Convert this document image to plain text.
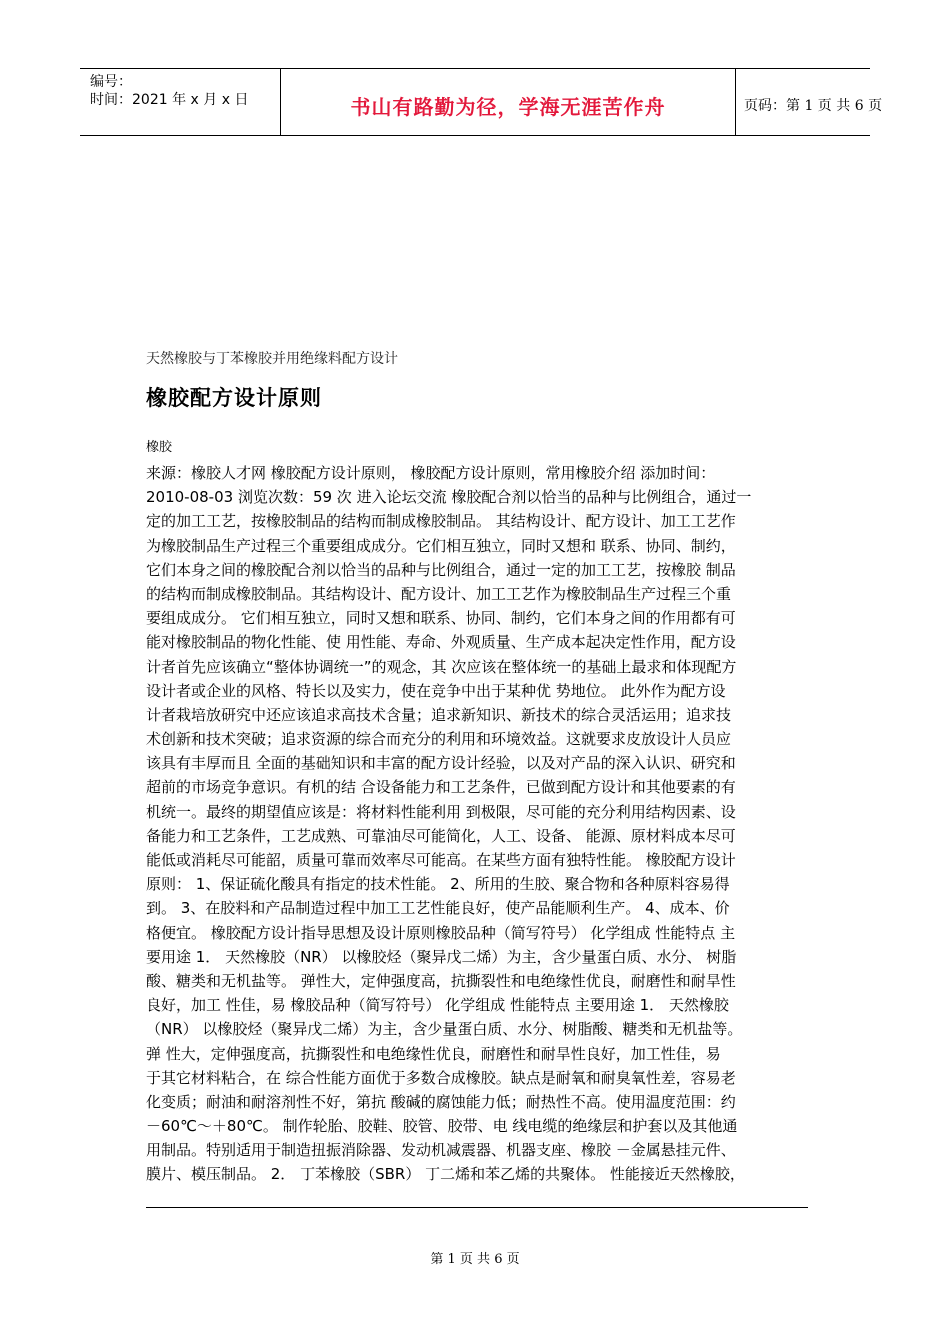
编号：
时间：2021 年 x 月 x 日	书山有路勤为径，学海无涯苦作舟	页码：第 1 页 共 6 页
天然橡胶与丁苯橡胶并用绝缘料配方设计
橡胶配方设计原则
橡胶
来源：橡胶人才网 橡胶配方设计原则， 橡胶配方设计原则，常用橡胶介绍 添加时间：
2010-08-03 浏览次数：59 次 进入论坛交流 橡胶配合剂以恰当的品种与比例组合，通过一
定的加工工艺，按橡胶制品的结构而制成橡胶制品。 其结构设计、配方设计、加工工艺作
为橡胶制品生产过程三个重要组成成分。它们相互独立，同时又想和 联系、协同、制约，
它们本身之间的橡胶配合剂以恰当的品种与比例组合，通过一定的加工工艺，按橡胶 制品
的结构而制成橡胶制品。其结构设计、配方设计、加工工艺作为橡胶制品生产过程三个重
要组成成分。 它们相互独立，同时又想和联系、协同、制约，它们本身之间的作用都有可
能对橡胶制品的物化性能、使 用性能、寿命、外观质量、生产成本起决定性作用，配方设
计者首先应该确立“整体协调统一”的观念，其 次应该在整体统一的基础上最求和体现配方
设计者或企业的风格、特长以及实力，使在竞争中出于某种优 势地位。 此外作为配方设
计者栽培放研究中还应该追求高技术含量；追求新知识、新技术的综合灵活运用；追求技
术创新和技术突破；追求资源的综合而充分的利用和环境效益。这就要求皮放设计人员应
该具有丰厚而且 全面的基础知识和丰富的配方设计经验，以及对产品的深入认识、研究和
超前的市场竞争意识。有机的结 合设备能力和工艺条件，已做到配方设计和其他要素的有
机统一。最终的期望值应该是：将材料性能利用 到极限，尽可能的充分利用结构因素、设
备能力和工艺条件，工艺成熟、可靠油尽可能简化，人工、设备、 能源、原材料成本尽可
能低或消耗尽可能韶，质量可靠而效率尽可能高。在某些方面有独特性能。 橡胶配方设计
原则： 1、保证硫化酸具有指定的技术性能。 2、所用的生胶、聚合物和各种原料容易得
到。 3、在胶料和产品制造过程中加工工艺性能良好，使产品能顺利生产。 4、成本、价
格便宜。 橡胶配方设计指导思想及设计原则橡胶品种（简写符号） 化学组成 性能特点 主
要用途 1． 天然橡胶（NR） 以橡胶烃（聚异戊二烯）为主，含少量蛋白质、水分、 树脂
酸、糖类和无机盐等。 弹性大，定伸强度高，抗撕裂性和电绝缘性优良，耐磨性和耐旱性
良好，加工 性佳，易 橡胶品种（简写符号） 化学组成 性能特点 主要用途 1． 天然橡胶
（NR） 以橡胶烃（聚异戊二烯）为主，含少量蛋白质、水分、树脂酸、糖类和无机盐等。
弹 性大，定伸强度高，抗撕裂性和电绝缘性优良，耐磨性和耐旱性良好，加工性佳，易
于其它材料粘合，在 综合性能方面优于多数合成橡胶。缺点是耐氧和耐臭氧性差，容易老
化变质；耐油和耐溶剂性不好，第抗 酸碱的腐蚀能力低；耐热性不高。使用温度范围：约
－60℃～＋80℃。 制作轮胎、胶鞋、胶管、胶带、电 线电缆的绝缘层和护套以及其他通
用制品。特别适用于制造扭振消除器、发动机减震器、机器支座、橡胶 －金属悬挂元件、
膜片、模压制品。 2． 丁苯橡胶（SBR） 丁二烯和苯乙烯的共聚体。 性能接近天然橡胶，
第 1 页 共 6 页
